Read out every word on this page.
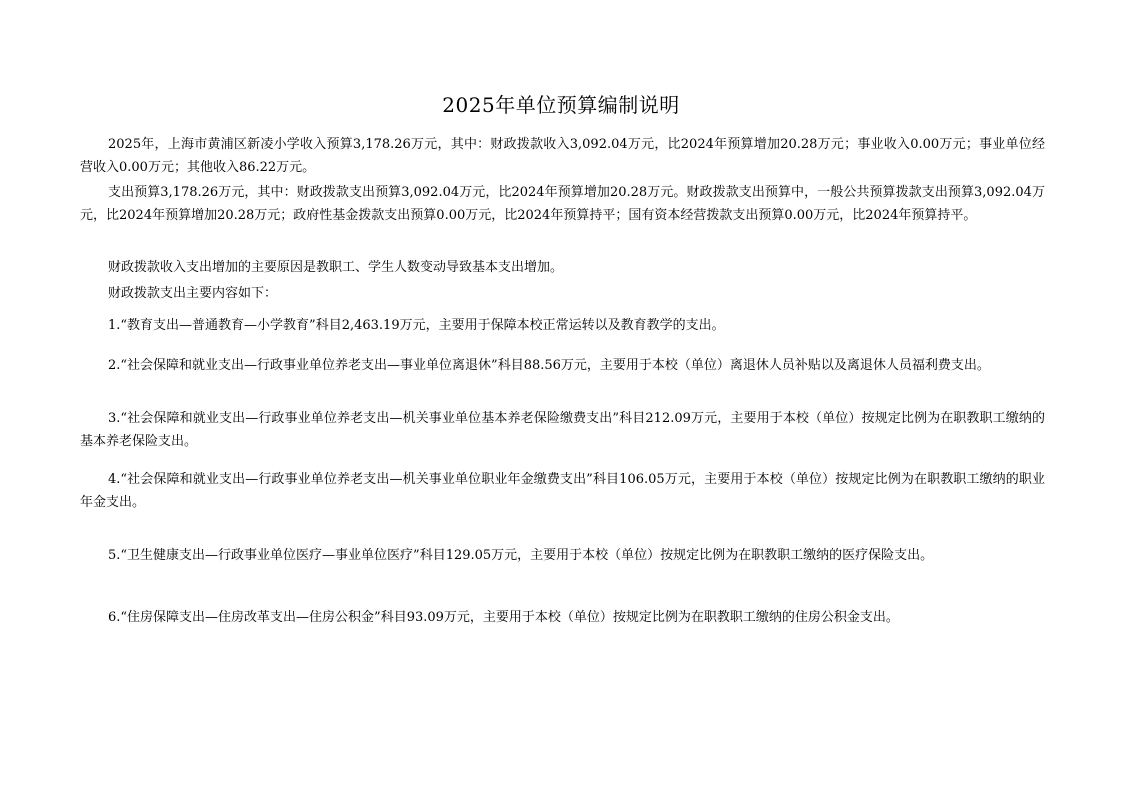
2025年单位预算编制说明

2025年，上海市黄浦区新凌小学收入预算3,178.26万元，其中：财政拨款收入3,092.04万元，比2024年预算增加20.28万元；事业收入0.00万元；事业单位经营收入0.00万元；其他收入86.22万元。

支出预算3,178.26万元，其中：财政拨款支出预算3,092.04万元，比2024年预算增加20.28万元。财政拨款支出预算中，一般公共预算拨款支出预算3,092.04万元，比2024年预算增加20.28万元；政府性基金拨款支出预算0.00万元，比2024年预算持平；国有资本经营拨款支出预算0.00万元，比2024年预算持平。

财政拨款收入支出增加的主要原因是教职工、学生人数变动导致基本支出增加。

财政拨款支出主要内容如下：

1.“教育支出—普通教育—小学教育”科目2,463.19万元，主要用于保障本校正常运转以及教育教学的支出。

2.“社会保障和就业支出—行政事业单位养老支出—事业单位离退休”科目88.56万元，主要用于本校（单位）离退休人员补贴以及离退休人员福利费支出。

3.“社会保障和就业支出—行政事业单位养老支出—机关事业单位基本养老保险缴费支出”科目212.09万元，主要用于本校（单位）按规定比例为在职教职工缴纳的基本养老保险支出。

4.“社会保障和就业支出—行政事业单位养老支出—机关事业单位职业年金缴费支出”科目106.05万元，主要用于本校（单位）按规定比例为在职教职工缴纳的职业年金支出。

5.“卫生健康支出—行政事业单位医疗—事业单位医疗”科目129.05万元，主要用于本校（单位）按规定比例为在职教职工缴纳的医疗保险支出。

6.“住房保障支出—住房改革支出—住房公积金”科目93.09万元，主要用于本校（单位）按规定比例为在职教职工缴纳的住房公积金支出。
